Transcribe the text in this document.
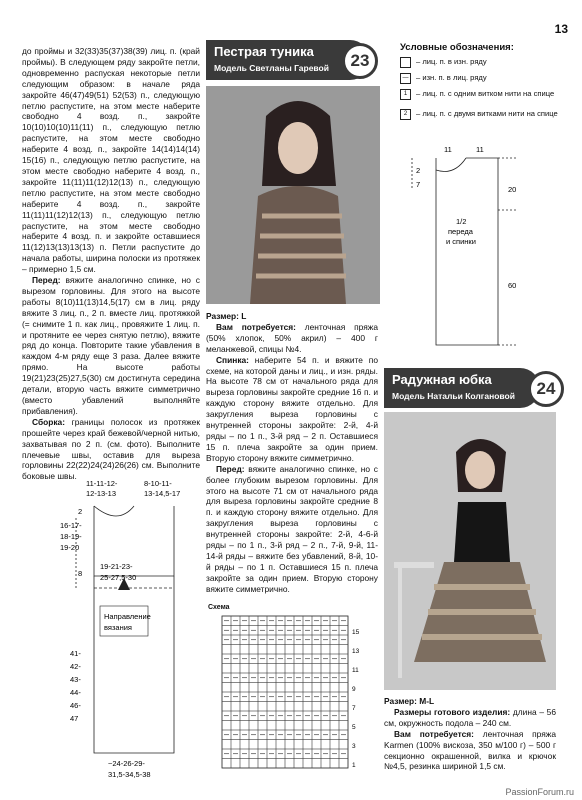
13

до проймы и 32(33)35(37)38(39) лиц. п. (край проймы). В следующем ряду закройте петли, одновременно распуская некоторые петли следующим образом: в начале ряда закройте 46(47)49(51) 52(53) п., следующую петлю распустите, на этом месте наберите свободно 4 возд. п., закройте 10(10)10(10)11(11) п., следующую петлю распустите, на этом месте свободно наберите 4 возд. п., закройте 14(14)14(14) 15(16) п., следующую петлю распустите, на этом месте свободно наберите 4 возд. п., закройте 11(11)11(12)12(13) п., следующую петлю распустите, на этом месте свободно наберите 4 возд. п., закройте 11(11)11(12)12(13) п., следующую петлю распустите, на этом месте свободно наберите 4 возд. п. и закройте оставшиеся 11(12)13(13)13(13) п. Петли распустите до начала работы, ширина полоски из протяжек – примерно 1,5 см.

Перед: вяжите аналогично спинке, но с вырезом горловины. Для этого на высоте работы 8(10)11(13)14,5(17) см в лиц. ряду вяжите 3 лиц. п., 2 п. вместе лиц. протяжкой (= снимите 1 п. как лиц., провяжите 1 лиц. п. и протяните ее через снятую петлю), вяжите ряд до конца. Повторите такие убавления в каждом 4-м ряду еще 3 раза. Далее вяжите прямо. На высоте работы 19(21)23(25)27,5(30) см достигнута середина детали, вторую часть вяжите симметрично (вместо убавлений выполняйте прибавления).

Сборка: границы полосок из протяжек прошейте через край бежевой/черной нитью, захватывая по 2 п. (см. фото). Выполните плечевые швы, оставив для выреза горловины 22(22)24(24)26(26) см. Выполните боковые швы.

11-11-12-
12-13-13
8-10-11-
13-14,5-17
2
16-17-
18-19-
19-20
8
19-21-23-
25-27,5-30
Направление
вязания
41-
42-
43-
44-
46-
47
~24-26-29-
31,5-34,5-38
Пестрая туника
Модель Светланы Гаревой	23

Размер: L

Вам потребуется: ленточная пряжа (50% хлопок, 50% акрил) – 400 г меланжевой, спицы №4.

Спинка: наберите 54 п. и вяжите по схеме, на которой даны и лиц., и изн. ряды. На высоте 78 см от начального ряда для выреза горловины закройте средние 16 п. и каждую сторону вяжите отдельно. Для закругления выреза горловины с внутренней стороны закройте: 2-й, 4-й ряды – по 1 п., 3-й ряд – 2 п. Оставшиеся 15 п. плеча закройте за один прием. Вторую сторону вяжите симметрично.

Перед: вяжите аналогично спинке, но с более глубоким вырезом горловины. Для этого на высоте 71 см от начального ряда для выреза горловины закройте средние 8 п. и каждую сторону вяжите отдельно. Для закругления выреза горловины с внутренней стороны закройте: 2-й, 4-6-й ряды – по 1 п., 3-й ряд – 2 п., 7-й, 9-й, 11-14-й ряды – вяжите без убавлений, 8-й, 10-й ряды – по 1 п. Оставшиеся 15 п. плеча закройте за один прием. Вторую сторону вяжите симметрично.

Схема
15
13
11
9
7
5
3
1
Условные обозначения:
– лиц. п. в изн. ряду
— – изн. п. в лиц. ряду
1	– лиц. п. с одним витком нити на спице
2	– лиц. п. с двумя витками нити на спице
11	11
2
7
20
60
1/2
переда
и спинки
Радужная юбка
Модель Натальи Колгановой	24

Размер: M-L

Размеры готового изделия: длина – 56 см, окружность подола – 240 см.

Вам потребуется: ленточная пряжа Karmen (100% вискоза, 350 м/100 г) – 500 г секционно окрашенной, вилка и крючок №4,5, резинка шириной 1,5 см.

PassionForum.ru
